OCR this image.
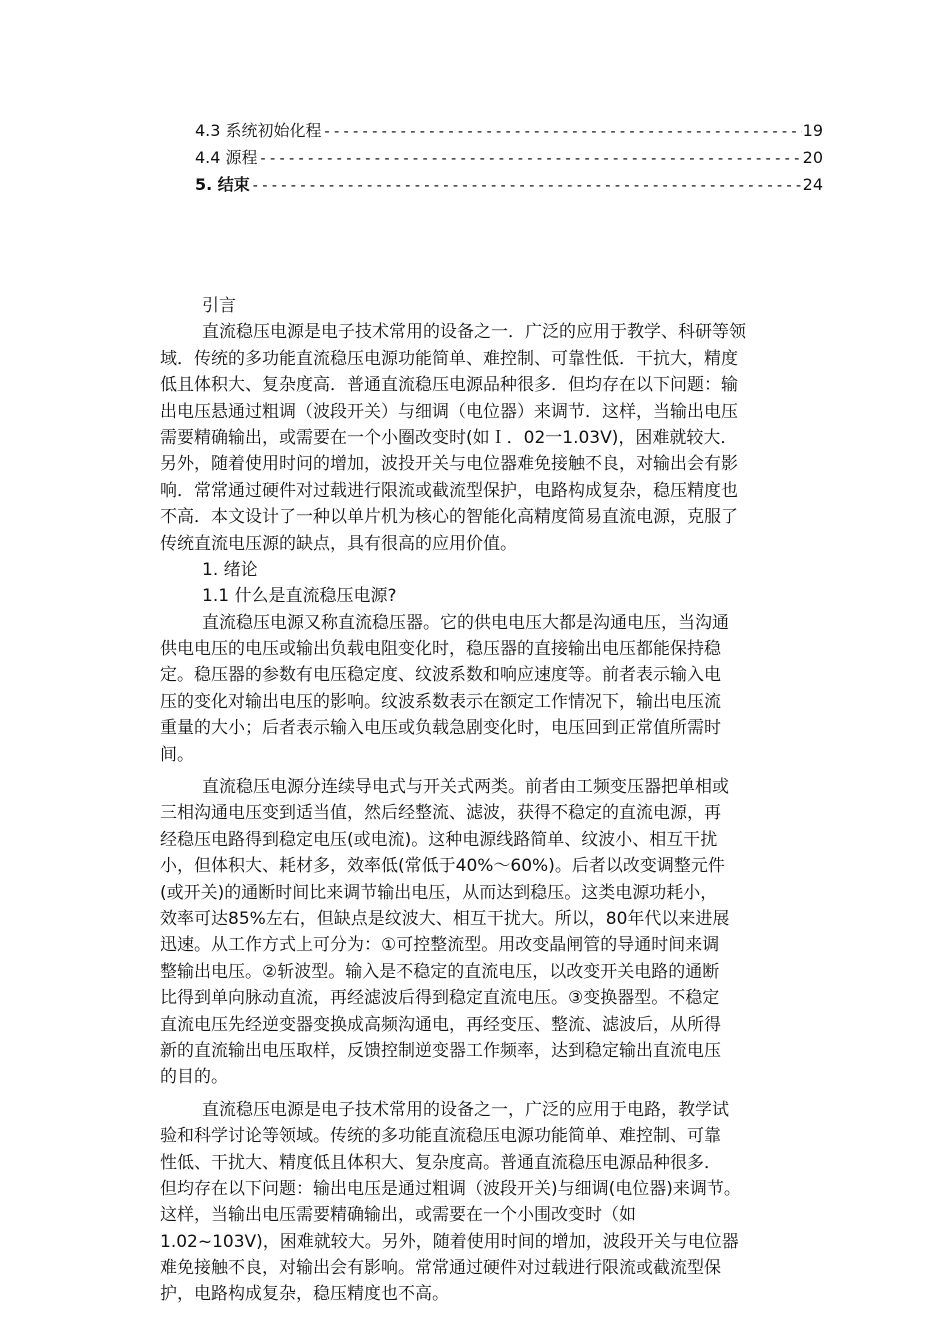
4.3 系统初始化程 -----	19
4.4 源程 -----	20
5. 结束 -----	24
引言
直流稳压电源是电子技术常用的设备之一．广泛的应用于教学、科研等领
域．传统的多功能直流稳压电源功能简单、难控制、可靠性低．干抗大，精度
低且体积大、复杂度高．普通直流稳压电源品种很多．但均存在以下问题：输
出电压悬通过粗调（波段开关）与细调（电位器）来调节．这样，当输出电压
需要精确输出，或需要在一个小圈改变时(如Ｉ．02一1.03V)，困难就较大．
另外，随着使用时问的增加，波投开关与电位器难免接触不良，对输出会有影
响．常常通过硬件对过载进行限流或截流型保护，电路构成复杂，稳压精度也
不高．本文设计了一种以单片机为核心的智能化高精度简易直流电源，克服了
传统直流电压源的缺点，具有很高的应用价值。
1. 绪论
1.1 什么是直流稳压电源?
直流稳压电源又称直流稳压器。它的供电电压大都是沟通电压，当沟通
供电电压的电压或输出负载电阻变化时，稳压器的直接输出电压都能保持稳
定。稳压器的参数有电压稳定度、纹波系数和响应速度等。前者表示输入电
压的变化对输出电压的影响。纹波系数表示在额定工作情况下，输出电压流
重量的大小；后者表示输入电压或负载急剧变化时，电压回到正常值所需时
间。
直流稳压电源分连续导电式与开关式两类。前者由工频变压器把单相或
三相沟通电压变到适当值，然后经整流、滤波，获得不稳定的直流电源，再
经稳压电路得到稳定电压(或电流)。这种电源线路简单、纹波小、相互干扰
小，但体积大、耗材多，效率低(常低于40%～60%)。后者以改变调整元件
(或开关)的通断时间比来调节输出电压，从而达到稳压。这类电源功耗小，
效率可达85%左右，但缺点是纹波大、相互干扰大。所以，80年代以来进展
迅速。从工作方式上可分为：①可控整流型。用改变晶闸管的导通时间来调
整输出电压。②斩波型。输入是不稳定的直流电压，以改变开关电路的通断
比得到单向脉动直流，再经滤波后得到稳定直流电压。③变换器型。不稳定
直流电压先经逆变器变换成高频沟通电，再经变压、整流、滤波后，从所得
新的直流输出电压取样，反馈控制逆变器工作频率，达到稳定输出直流电压
的目的。
直流稳压电源是电子技术常用的设备之一，广泛的应用于电路，教学试
验和科学讨论等领域。传统的多功能直流稳压电源功能简单、难控制、可靠
性低、干扰大、精度低且体积大、复杂度高。普通直流稳压电源品种很多．
但均存在以下问题：输出电压是通过粗调（波段开关)与细调(电位器)来调节。
这样，当输出电压需要精确输出，或需要在一个小围改变时（如
1.02~103V)，困难就较大。另外，随着使用时间的增加，波段开关与电位器
难免接触不良，对输出会有影响。常常通过硬件对过载进行限流或截流型保
护，电路构成复杂，稳压精度也不高。
